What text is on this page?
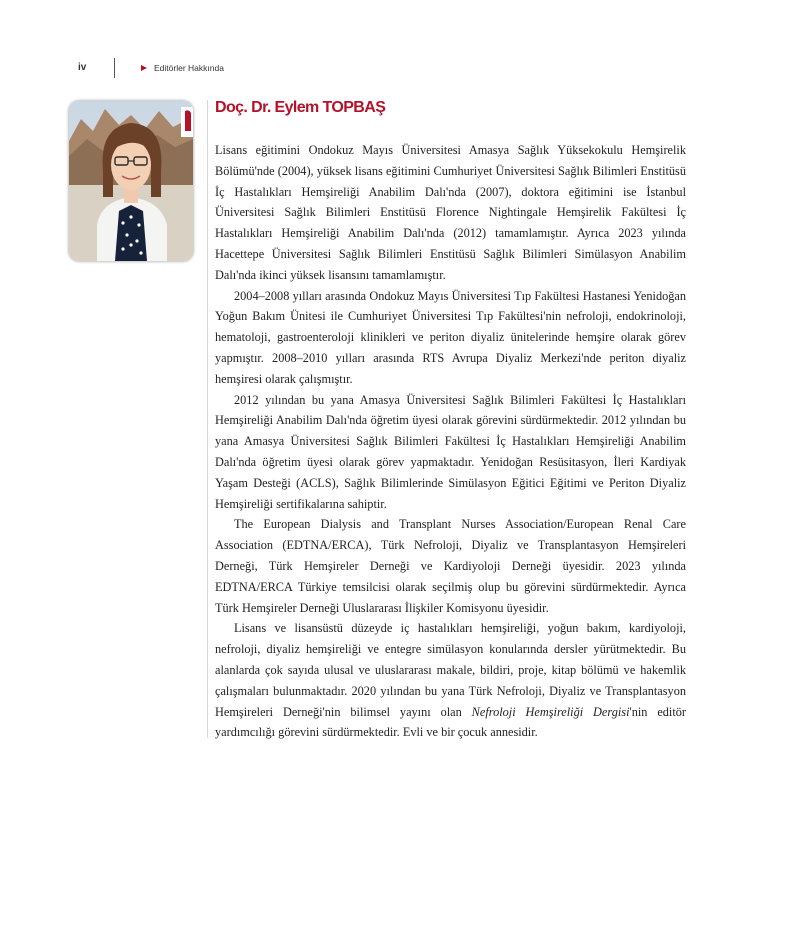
iv	Editörler Hakkında
Doç. Dr. Eylem TOPBAŞ

Lisans eğitimini Ondokuz Mayıs Üniversitesi Amasya Sağlık Yüksekokulu Hemşirelik Bölümü'nde (2004), yüksek lisans eğitimini Cumhuriyet Üniversitesi Sağlık Bilimleri Enstitüsü İç Hastalıkları Hemşireliği Anabilim Dalı'nda (2007), doktora eğitimini ise İstanbul Üniversitesi Sağlık Bilimleri Enstitüsü Florence Nightingale Hemşirelik Fakültesi İç Hastalıkları Hemşireliği Anabilim Dalı'nda (2012) tamamlamıştır. Ayrıca 2023 yılında Hacettepe Üniversitesi Sağlık Bilimleri Enstitüsü Sağlık Bilimleri Simülasyon Anabilim Dalı'nda ikinci yüksek lisansını tamamlamıştır.

2004–2008 yılları arasında Ondokuz Mayıs Üniversitesi Tıp Fakültesi Hastanesi Yenidoğan Yoğun Bakım Ünitesi ile Cumhuriyet Üniversitesi Tıp Fakültesi'nin nefroloji, endokrinoloji, hematoloji, gastroenteroloji klinikleri ve periton diyaliz ünitelerinde hemşire olarak görev yapmıştır. 2008–2010 yılları arasında RTS Avrupa Diyaliz Merkezi'nde periton diyaliz hemşiresi olarak çalışmıştır.

2012 yılından bu yana Amasya Üniversitesi Sağlık Bilimleri Fakültesi İç Hastalıkları Hemşireliği Anabilim Dalı'nda öğretim üyesi olarak görevini sürdürmektedir. 2012 yılından bu yana Amasya Üniversitesi Sağlık Bilimleri Fakültesi İç Hastalıkları Hemşireliği Anabilim Dalı'nda öğretim üyesi olarak görev yapmaktadır. Yenidoğan Resüsitasyon, İleri Kardiyak Yaşam Desteği (ACLS), Sağlık Bilimlerinde Simülasyon Eğitici Eğitimi ve Periton Diyaliz Hemşireliği sertifikalarına sahiptir.

The European Dialysis and Transplant Nurses Association/European Renal Care Association (EDTNA/ERCA), Türk Nefroloji, Diyaliz ve Transplantasyon Hemşireleri Derneği, Türk Hemşireler Derneği ve Kardiyoloji Derneği üyesidir. 2023 yılında EDTNA/ERCA Türkiye temsilcisi olarak seçilmiş olup bu görevini sürdürmektedir. Ayrıca Türk Hemşireler Derneği Uluslararası İlişkiler Komisyonu üyesidir.

Lisans ve lisansüstü düzeyde iç hastalıkları hemşireliği, yoğun bakım, kardiyoloji, nefroloji, diyaliz hemşireliği ve entegre simülasyon konularında dersler yürütmektedir. Bu alanlarda çok sayıda ulusal ve uluslararası makale, bildiri, proje, kitap bölümü ve hakemlik çalışmaları bulunmaktadır. 2020 yılından bu yana Türk Nefroloji, Diyaliz ve Transplantasyon Hemşireleri Derneği'nin bilimsel yayını olan Nefroloji Hemşireliği Dergisi'nin editör yardımcılığı görevini sürdürmektedir. Evli ve bir çocuk annesidir.
